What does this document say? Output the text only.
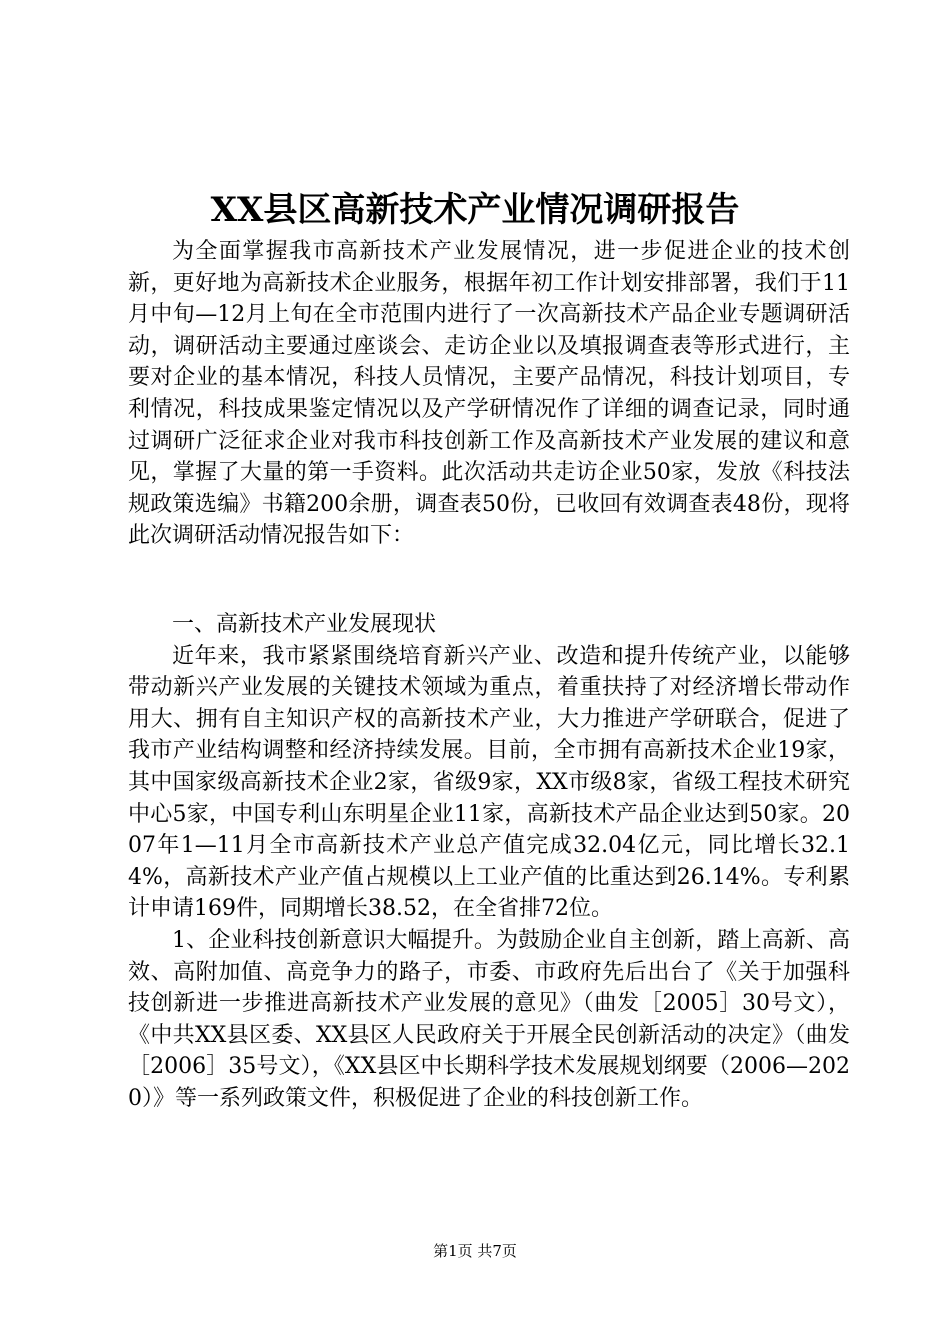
XX县区高新技术产业情况调研报告

为全面掌握我市高新技术产业发展情况，进一步促进企业的技术创新，更好地为高新技术企业服务，根据年初工作计划安排部署，我们于11月中旬—12月上旬在全市范围内进行了一次高新技术产品企业专题调研活动，调研活动主要通过座谈会、走访企业以及填报调查表等形式进行，主要对企业的基本情况，科技人员情况，主要产品情况，科技计划项目，专利情况，科技成果鉴定情况以及产学研情况作了详细的调查记录，同时通过调研广泛征求企业对我市科技创新工作及高新技术产业发展的建议和意见，掌握了大量的第一手资料。此次活动共走访企业50家，发放《科技法规政策选编》书籍200余册，调查表50份，已收回有效调查表48份，现将此次调研活动情况报告如下：

一、高新技术产业发展现状

近年来，我市紧紧围绕培育新兴产业、改造和提升传统产业，以能够带动新兴产业发展的关键技术领域为重点，着重扶持了对经济增长带动作用大、拥有自主知识产权的高新技术产业，大力推进产学研联合，促进了我市产业结构调整和经济持续发展。目前，全市拥有高新技术企业19家，其中国家级高新技术企业2家，省级9家，XX市级8家，省级工程技术研究中心5家，中国专利山东明星企业11家，高新技术产品企业达到50家。2007年1—11月全市高新技术产业总产值完成32.04亿元，同比增长32.14%，高新技术产业产值占规模以上工业产值的比重达到26.14%。专利累计申请169件，同期增长38.52，在全省排72位。

1、企业科技创新意识大幅提升。为鼓励企业自主创新，踏上高新、高效、高附加值、高竞争力的路子，市委、市政府先后出台了《关于加强科技创新进一步推进高新技术产业发展的意见》（曲发［2005］30号文），《中共XX县区委、XX县区人民政府关于开展全民创新活动的决定》（曲发［2006］35号文），《XX县区中长期科学技术发展规划纲要（2006—2020）》等一系列政策文件，积极促进了企业的科技创新工作。

第1页 共7页
